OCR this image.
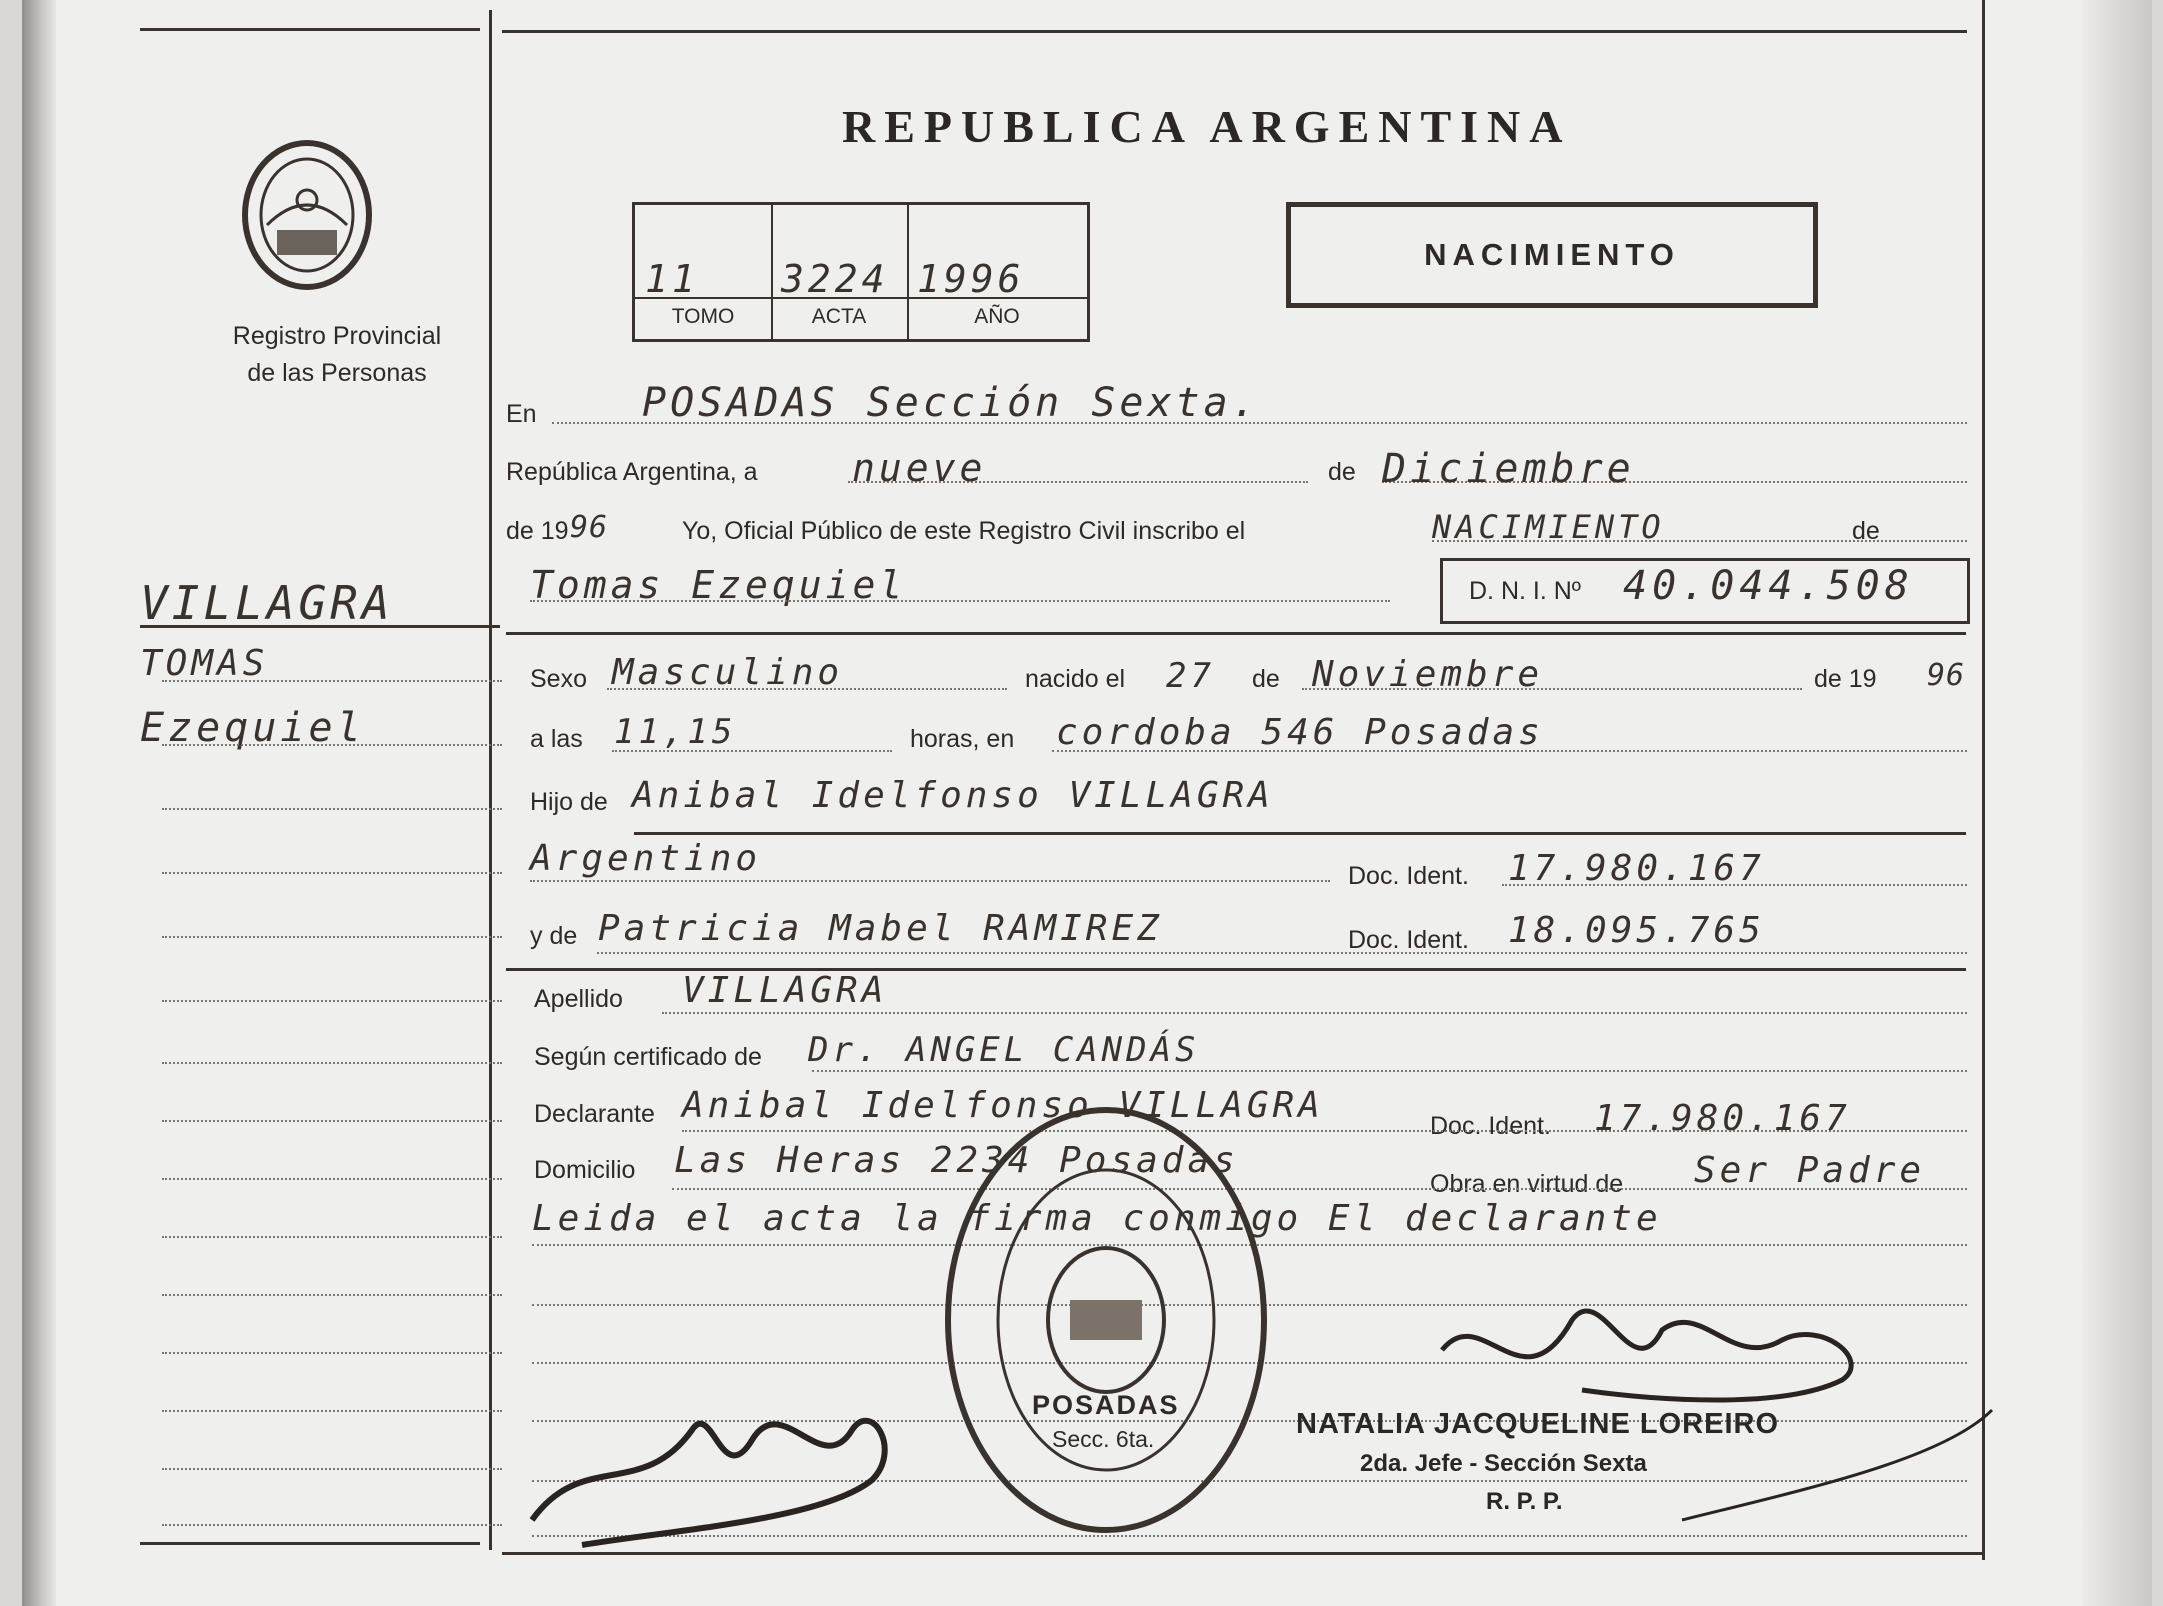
Registro Provincial
de las Personas
VILLAGRA
TOMAS
Ezequiel
REPUBLICA ARGENTINA
11 3224 1996
TOMO	ACTA	AÑO
NACIMIENTO
En	POSADAS Sección Sexta.
República Argentina, a nueve	de Diciembre
de 19 96	Yo, Oficial Público de este Registro Civil inscribo el	NACIMIENTO	de
Tomas Ezequiel	D. N. I. Nº 40.044.508
Sexo Masculino	nacido el 27 de Noviembre	de 19 96
a las 11,15	horas, en cordoba 546 Posadas
Hijo de Anibal Idelfonso VILLAGRA
Argentino	Doc. Ident. 17.980.167
y de Patricia Mabel RAMIREZ	Doc. Ident. 18.095.765
Apellido VILLAGRA
Según certificado de Dr. ANGEL CANDÁS
Declarante Anibal Idelfonso VILLAGRA	Doc. Ident. 17.980.167
Domicilio Las Heras 2234 Posadas
Obra en virtud de Ser Padre
Leida el acta la firma conmigo El declarante
POSADAS
Secc. 6ta.	NATALIA JACQUELINE LOREIRO
2da. Jefe - Sección Sexta
R. P. P.
